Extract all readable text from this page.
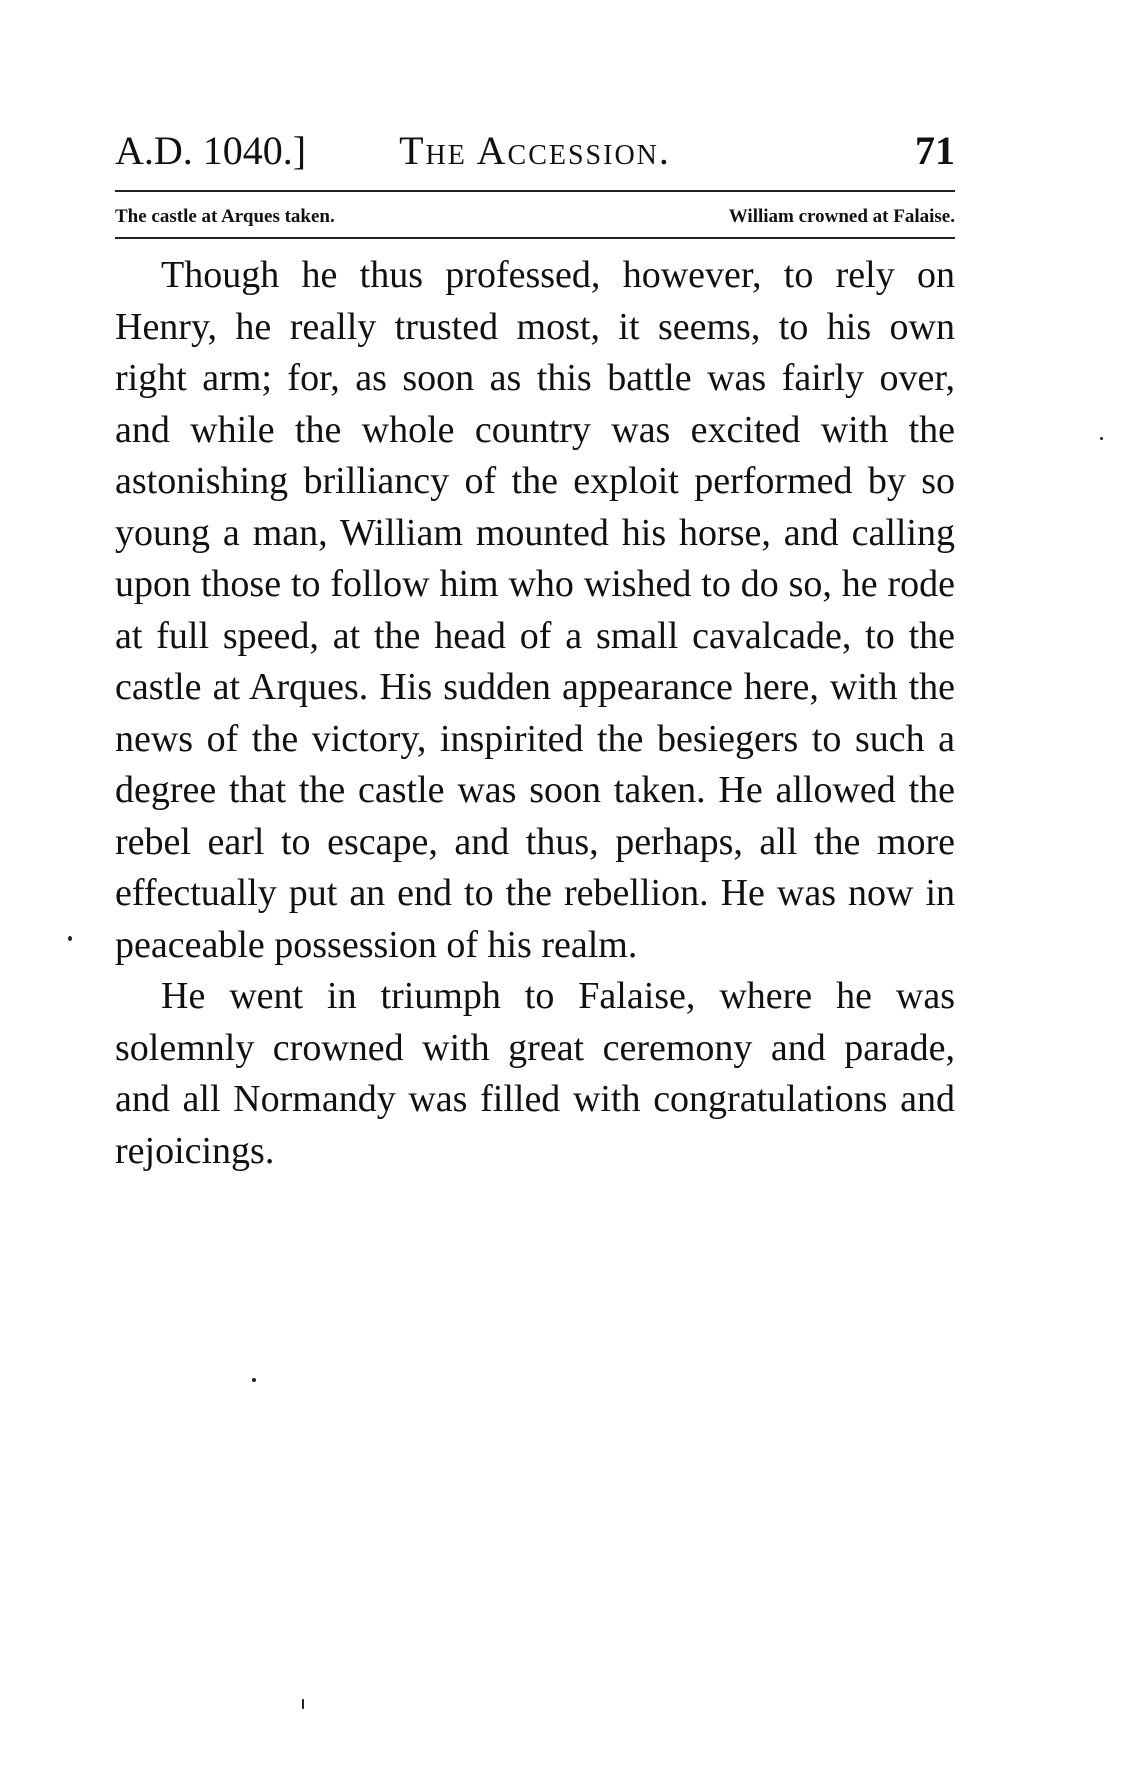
A.D. 1040.]	The Accession.	71
The castle at Arques taken.	William crowned at Falaise.

Though he thus professed, however, to rely on Henry, he really trusted most, it seems, to his own right arm; for, as soon as this battle was fairly over, and while the whole country was excited with the astonishing brilliancy of the exploit performed by so young a man, William mounted his horse, and calling upon those to follow him who wished to do so, he rode at full speed, at the head of a small cavalcade, to the castle at Arques. His sudden appearance here, with the news of the victory, inspirited the besiegers to such a degree that the castle was soon taken. He allowed the rebel earl to escape, and thus, perhaps, all the more effectually put an end to the rebellion. He was now in peaceable possession of his realm.

He went in triumph to Falaise, where he was solemnly crowned with great ceremony and parade, and all Normandy was filled with congratulations and rejoicings.
